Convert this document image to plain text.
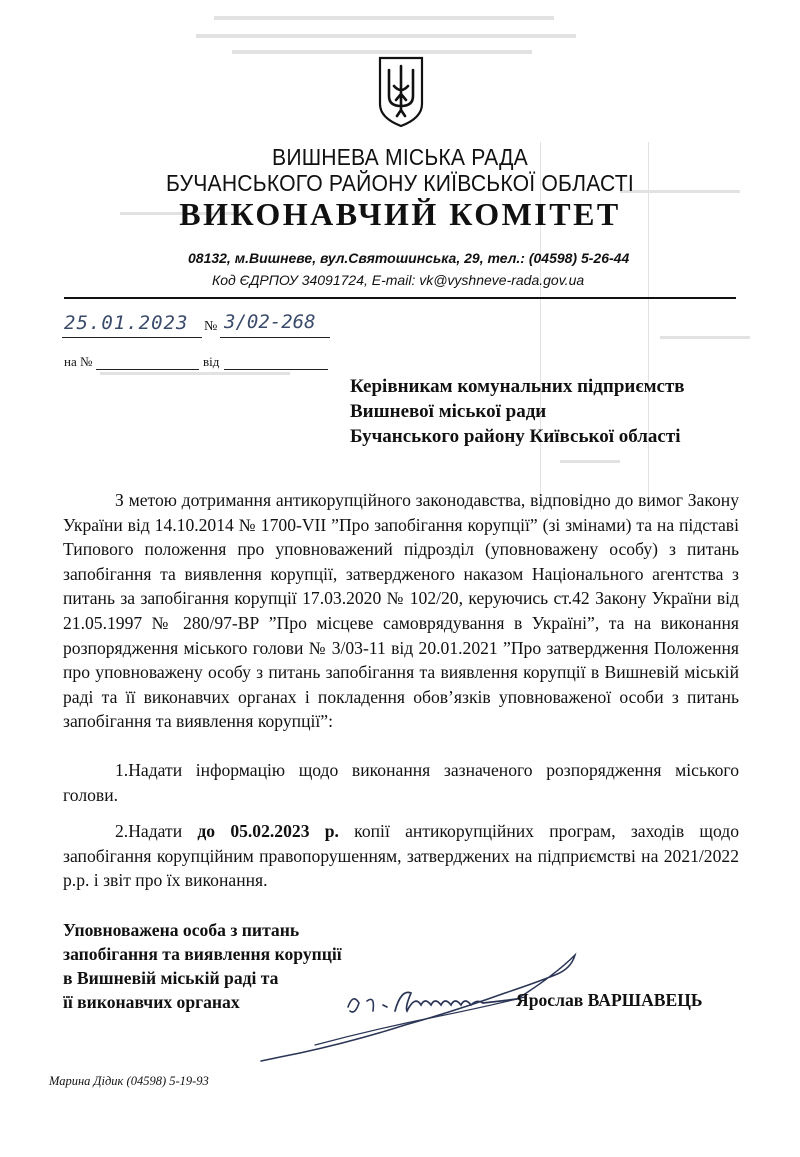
ВИШНЕВА МІСЬКА РАДА
БУЧАНСЬКОГО РАЙОНУ КИЇВСЬКОЇ ОБЛАСТІ
ВИКОНАВЧИЙ КОМІТЕТ
08132, м.Вишневе, вул.Святошинська, 29, тел.: (04598) 5-26-44
Код ЄДРПОУ 34091724, E-mail: vk@vyshneve-rada.gov.ua
25.01.2023 № 3/02-268
на №	від
Керівникам комунальних підприємств
Вишневої міської ради
Бучанського району Київської області

З метою дотримання антикорупційного законодавства, відповідно до вимог Закону України від 14.10.2014 № 1700-VII ”Про запобігання корупції” (зі змінами) та на підставі Типового положення про уповноважений підрозділ (уповноважену особу) з питань запобігання та виявлення корупції, затвердженого наказом Національного агентства з питань за запобігання корупції 17.03.2020 № 102/20, керуючись ст.42 Закону України від 21.05.1997 № 280/97-ВР ”Про місцеве самоврядування в Україні”, та на виконання розпорядження міського голови № 3/03-11 від 20.01.2021 ”Про затвердження Положення про уповноважену особу з питань запобігання та виявлення корупції в Вишневій міській раді та її виконавчих органах і покладення обов’язків уповноваженої особи з питань запобігання та виявлення корупції”:

1.Надати інформацію щодо виконання зазначеного розпорядження міського голови.

2.Надати до 05.02.2023 р. копії антикорупційних програм, заходів щодо запобігання корупційним правопорушенням, затверджених на підприємстві на 2021/2022 р.р. і звіт про їх виконання.

Уповноважена особа з питань
запобігання та виявлення корупції
в Вишневій міській раді та
її виконавчих органах	Ярослав ВАРШАВЕЦЬ
Марина Дідик (04598) 5-19-93
